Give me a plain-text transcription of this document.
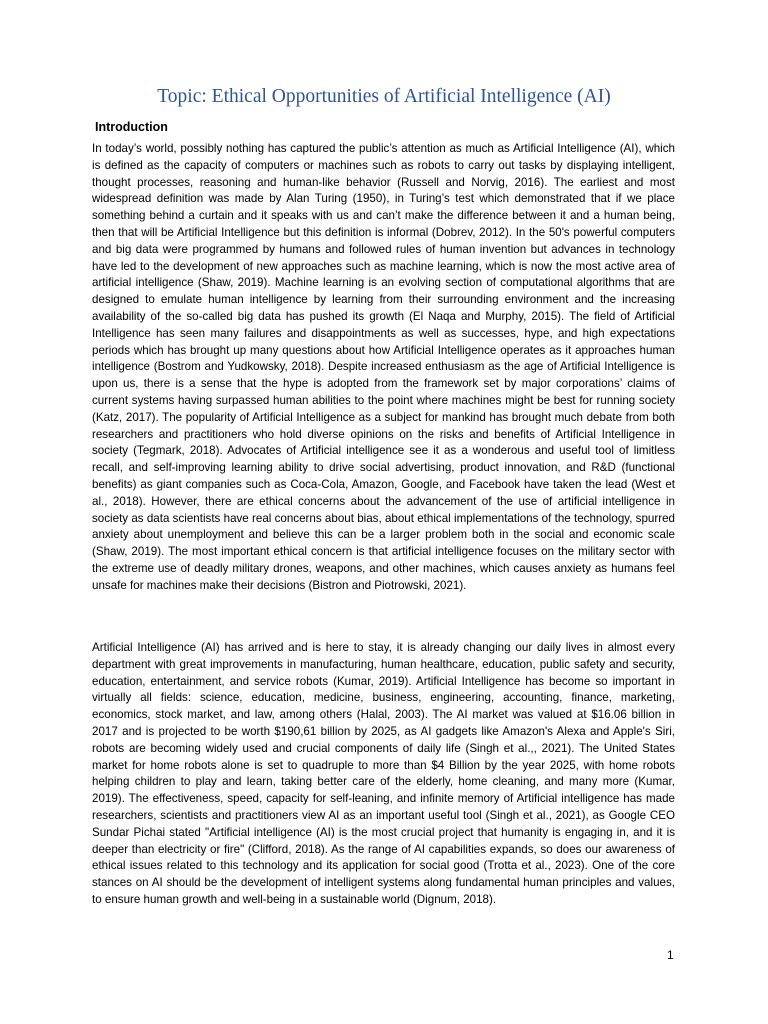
Topic: Ethical Opportunities of Artificial Intelligence (AI)
Introduction

In today’s world, possibly nothing has captured the public’s attention as much as Artificial Intelligence (AI), which is defined as the capacity of computers or machines such as robots to carry out tasks by displaying intelligent, thought processes, reasoning and human-like behavior (Russell and Norvig, 2016). The earliest and most widespread definition was made by Alan Turing (1950), in Turing’s test which demonstrated that if we place something behind a curtain and it speaks with us and can’t make the difference between it and a human being, then that will be Artificial Intelligence but this definition is informal (Dobrev, 2012). In the 50's powerful computers and big data were programmed by humans and followed rules of human invention but advances in technology have led to the development of new approaches such as machine learning, which is now the most active area of artificial intelligence (Shaw, 2019). Machine learning is an evolving section of computational algorithms that are designed to emulate human intelligence by learning from their surrounding environment and the increasing availability of the so-called big data has pushed its growth (El Naqa and Murphy, 2015). The field of Artificial Intelligence has seen many failures and disappointments as well as successes, hype, and high expectations periods which has brought up many questions about how Artificial Intelligence operates as it approaches human intelligence (Bostrom and Yudkowsky, 2018). Despite increased enthusiasm as the age of Artificial Intelligence is upon us, there is a sense that the hype is adopted from the framework set by major corporations’ claims of current systems having surpassed human abilities to the point where machines might be best for running society (Katz, 2017). The popularity of Artificial Intelligence as a subject for mankind has brought much debate from both researchers and practitioners who hold diverse opinions on the risks and benefits of Artificial Intelligence in society (Tegmark, 2018). Advocates of Artificial intelligence see it as a wonderous and useful tool of limitless recall, and self-improving learning ability to drive social advertising, product innovation, and R&D (functional benefits) as giant companies such as Coca-Cola, Amazon, Google, and Facebook have taken the lead (West et al., 2018). However, there are ethical concerns about the advancement of the use of artificial intelligence in society as data scientists have real concerns about bias, about ethical implementations of the technology, spurred anxiety about unemployment and believe this can be a larger problem both in the social and economic scale (Shaw, 2019). The most important ethical concern is that artificial intelligence focuses on the military sector with the extreme use of deadly military drones, weapons, and other machines, which causes anxiety as humans feel unsafe for machines make their decisions (Bistron and Piotrowski, 2021).

Artificial Intelligence (AI) has arrived and is here to stay, it is already changing our daily lives in almost every department with great improvements in manufacturing, human healthcare, education, public safety and security, education, entertainment, and service robots (Kumar, 2019). Artificial Intelligence has become so important in virtually all fields: science, education, medicine, business, engineering, accounting, finance, marketing, economics, stock market, and law, among others (Halal, 2003). The AI market was valued at $16.06 billion in 2017 and is projected to be worth $190,61 billion by 2025, as AI gadgets like Amazon's Alexa and Apple's Siri, robots are becoming widely used and crucial components of daily life (Singh et al.,, 2021). The United States market for home robots alone is set to quadruple to more than $4 Billion by the year 2025, with home robots helping children to play and learn, taking better care of the elderly, home cleaning, and many more (Kumar, 2019). The effectiveness, speed, capacity for self-leaning, and infinite memory of Artificial intelligence has made researchers, scientists and practitioners view AI as an important useful tool (Singh et al., 2021), as Google CEO Sundar Pichai stated "Artificial intelligence (AI) is the most crucial project that humanity is engaging in, and it is deeper than electricity or fire" (Clifford, 2018). As the range of AI capabilities expands, so does our awareness of ethical issues related to this technology and its application for social good (Trotta et al., 2023). One of the core stances on AI should be the development of intelligent systems along fundamental human principles and values, to ensure human growth and well-being in a sustainable world (Dignum, 2018).

1
